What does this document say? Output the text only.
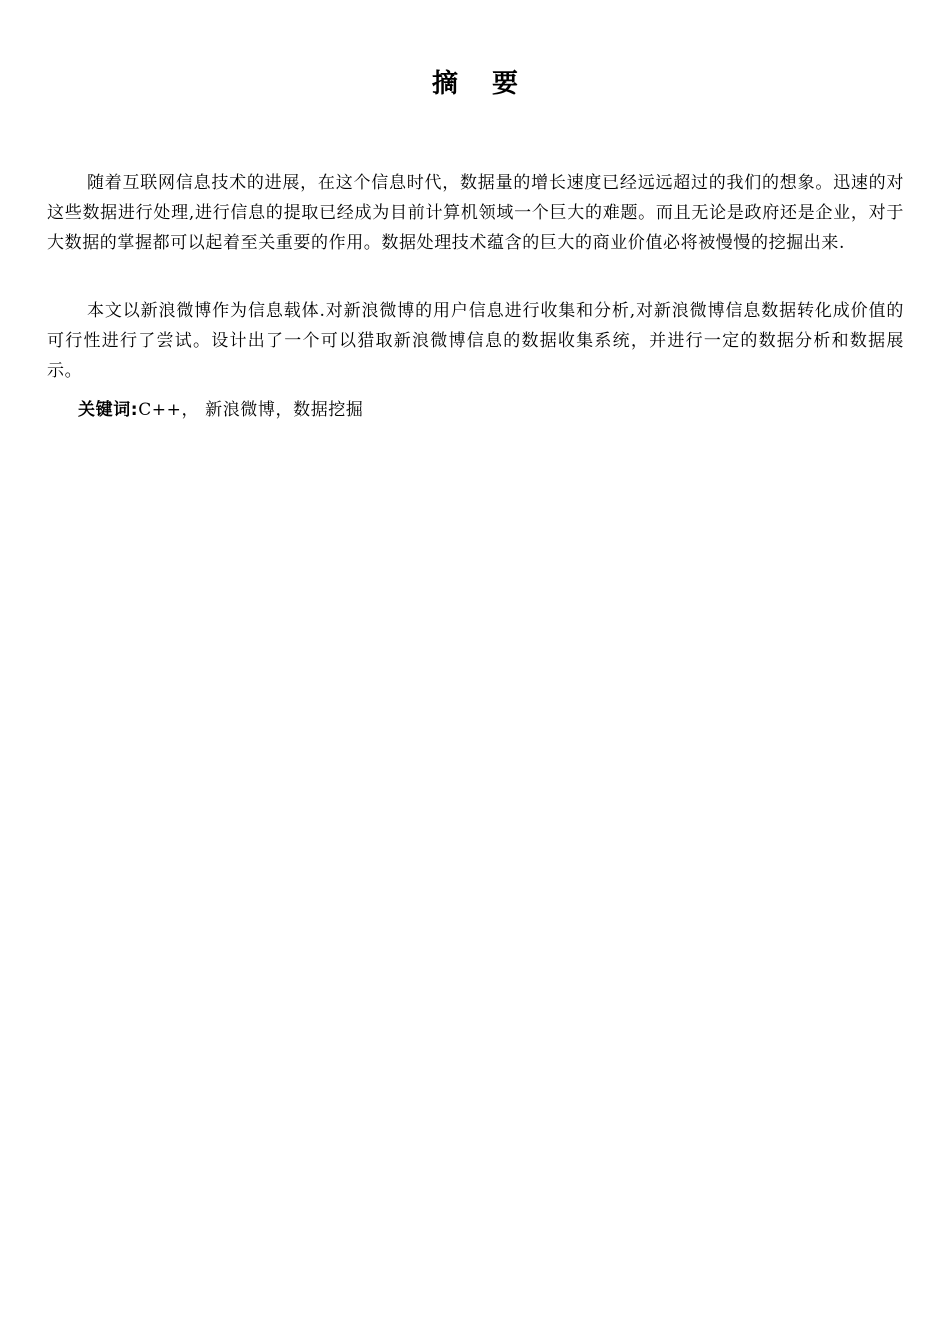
摘要
随着互联网信息技术的进展，在这个信息时代，数据量的增长速度已经远远超过的我们的想象。迅速的对这些数据进行处理,进行信息的提取已经成为目前计算机领域一个巨大的难题。而且无论是政府还是企业，对于大数据的掌握都可以起着至关重要的作用。数据处理技术蕴含的巨大的商业价值必将被慢慢的挖掘出来.
本文以新浪微博作为信息载体.对新浪微博的用户信息进行收集和分析,对新浪微博信息数据转化成价值的可行性进行了尝试。设计出了一个可以猎取新浪微博信息的数据收集系统，并进行一定的数据分析和数据展示。
关键词:C++， 新浪微博，数据挖掘
